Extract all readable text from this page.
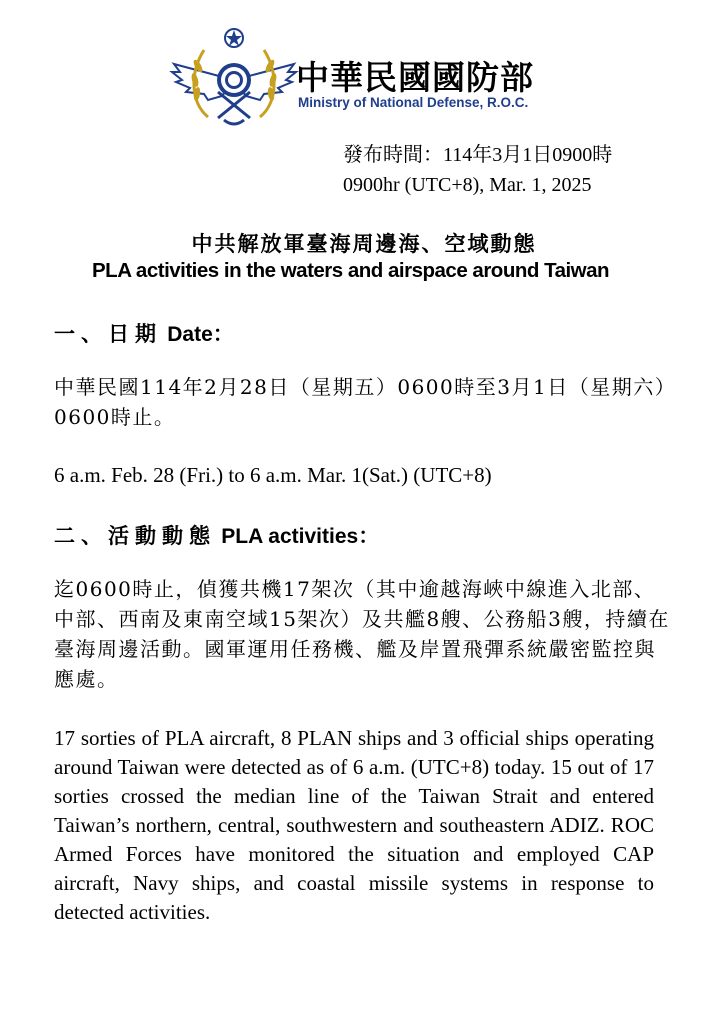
中華民國國防部
Ministry of National Defense, R.O.C.
發布時間：114年3月1日0900時
0900hr (UTC+8), Mar. 1, 2025
中共解放軍臺海周邊海、空域動態
PLA activities in the waters and airspace around Taiwan
一、日期 Date：

中華民國114年2月28日（星期五）0600時至3月1日（星期六）0600時止。

6 a.m. Feb. 28 (Fri.) to 6 a.m. Mar. 1(Sat.) (UTC+8)
二、活動動態 PLA activities：

迄0600時止，偵獲共機17架次（其中逾越海峽中線進入北部、中部、西南及東南空域15架次）及共艦8艘、公務船3艘，持續在臺海周邊活動。國軍運用任務機、艦及岸置飛彈系統嚴密監控與應處。

17 sorties of PLA aircraft, 8 PLAN ships and 3 official ships operating around Taiwan were detected as of 6 a.m. (UTC+8) today. 15 out of 17 sorties crossed the median line of the Taiwan Strait and entered Taiwan’s northern, central, southwestern and southeastern ADIZ. ROC Armed Forces have monitored the situation and employed CAP aircraft, Navy ships, and coastal missile systems in response to detected activities.
